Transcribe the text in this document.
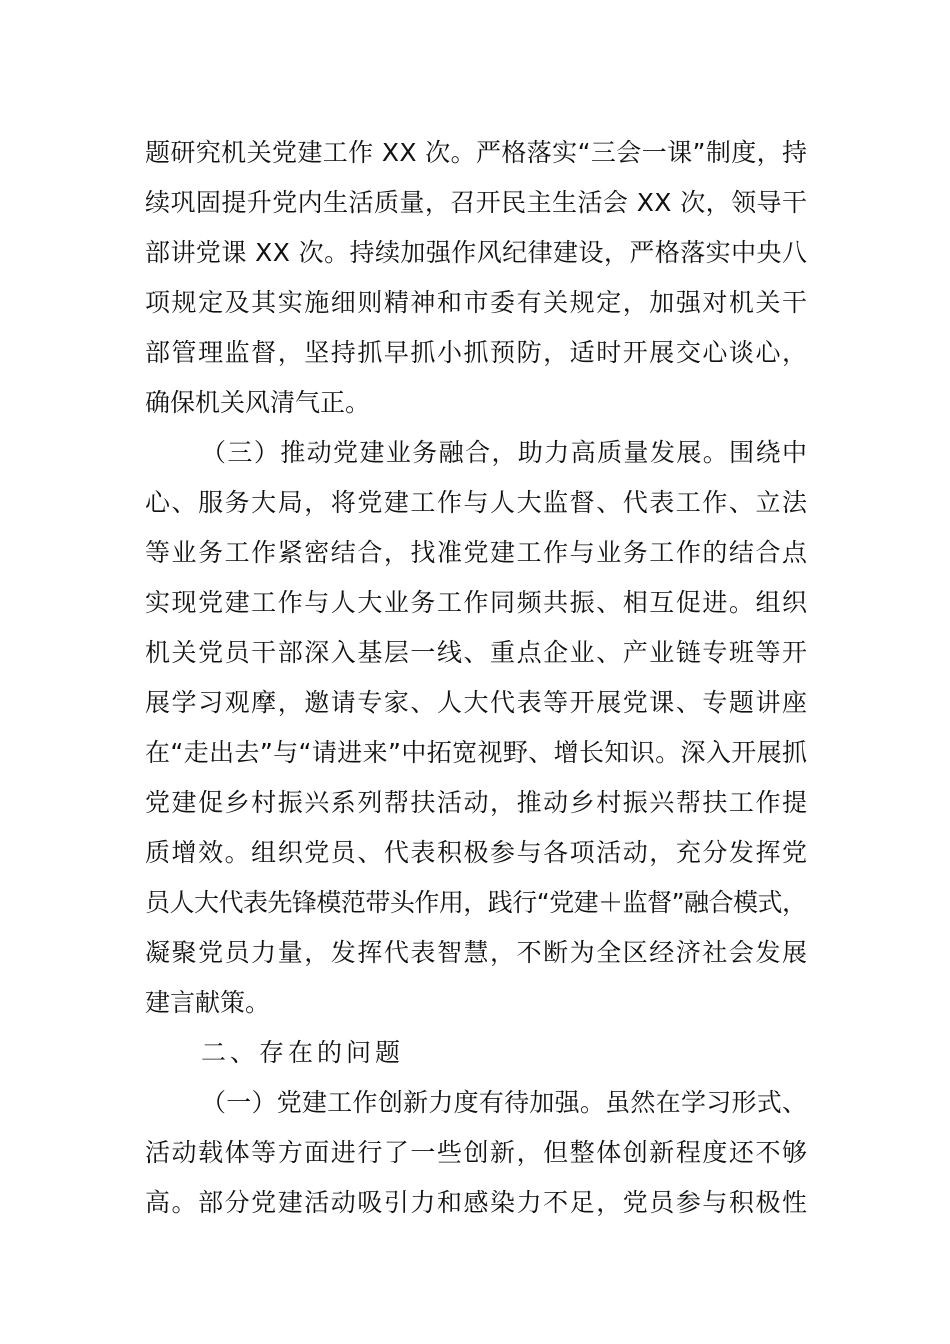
题研究机关党建工作 XX 次。严格落实“三会一课”制度，持
续巩固提升党内生活质量，召开民主生活会 XX 次，领导干
部讲党课 XX 次。持续加强作风纪律建设，严格落实中央八
项规定及其实施细则精神和市委有关规定，加强对机关干
部管理监督，坚持抓早抓小抓预防，适时开展交心谈心，
确保机关风清气正。
（三）推动党建业务融合，助力高质量发展。围绕中
心、服务大局，将党建工作与人大监督、代表工作、立法
等业务工作紧密结合，找准党建工作与业务工作的结合点
实现党建工作与人大业务工作同频共振、相互促进。组织
机关党员干部深入基层一线、重点企业、产业链专班等开
展学习观摩，邀请专家、人大代表等开展党课、专题讲座
在“走出去”与“请进来”中拓宽视野、增长知识。深入开展抓
党建促乡村振兴系列帮扶活动，推动乡村振兴帮扶工作提
质增效。组织党员、代表积极参与各项活动，充分发挥党
员人大代表先锋模范带头作用，践行“党建＋监督”融合模式，
凝聚党员力量，发挥代表智慧，不断为全区经济社会发展
建言献策。
二、存在的问题
（一）党建工作创新力度有待加强。虽然在学习形式、
活动载体等方面进行了一些创新，但整体创新程度还不够
高。部分党建活动吸引力和感染力不足，党员参与积极性
